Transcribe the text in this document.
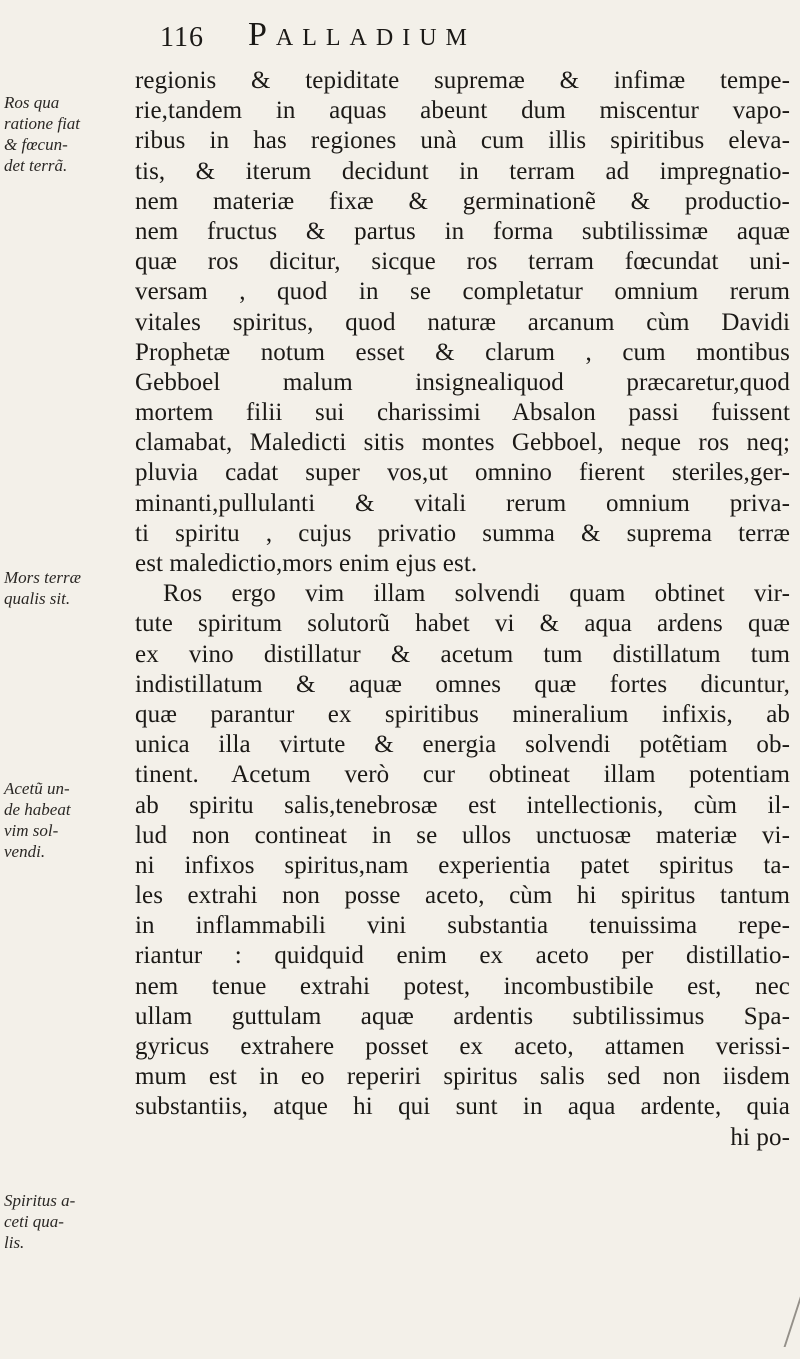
116 Palladium
Ros qua
ratione fiat
& fœcun-
det terrã.
Mors terræ
qualis sit.
Acetũ un-
de habeat
vim sol-
vendi.
Spiritus a-
ceti qua-
lis.
regionis & tepiditate supremæ & infimæ tempe-
rie,tandem in aquas abeunt dum miscentur vapo-
ribus in has regiones unà cum illis spiritibus eleva-
tis, & iterum decidunt in terram ad impregnatio-
nem materiæ fixæ & germinationẽ & productio-
nem fructus & partus in forma subtilissimæ aquæ
quæ ros dicitur, sicque ros terram fœcundat uni-
versam , quod in se completatur omnium rerum
vitales spiritus, quod naturæ arcanum cùm Davidi
Prophetæ notum esset & clarum , cum montibus
Gebboel malum insignealiquod præcaretur,quod
mortem filii sui charissimi Absalon passi fuissent
clamabat, Maledicti sitis montes Gebboel, neque ros neq;
pluvia cadat super vos,ut omnino fierent steriles,ger-
minanti,pullulanti & vitali rerum omnium priva-
ti spiritu , cujus privatio summa & suprema terræ
est maledictio,mors enim ejus est.
Ros ergo vim illam solvendi quam obtinet vir-
tute spiritum solutorũ habet vi & aqua ardens quæ
ex vino distillatur & acetum tum distillatum tum
indistillatum & aquæ omnes quæ fortes dicuntur,
quæ parantur ex spiritibus mineralium infixis, ab
unica illa virtute & energia solvendi potẽtiam ob-
tinent. Acetum verò cur obtineat illam potentiam
ab spiritu salis,tenebrosæ est intellectionis, cùm il-
lud non contineat in se ullos unctuosæ materiæ vi-
ni infixos spiritus,nam experientia patet spiritus ta-
les extrahi non posse aceto, cùm hi spiritus tantum
in inflammabili vini substantia tenuissima repe-
riantur : quidquid enim ex aceto per distillatio-
nem tenue extrahi potest, incombustibile est, nec
ullam guttulam aquæ ardentis subtilissimus Spa-
gyricus extrahere posset ex aceto, attamen verissi-
mum est in eo reperiri spiritus salis sed non iisdem
substantiis, atque hi qui sunt in aqua ardente, quia
hi po-
